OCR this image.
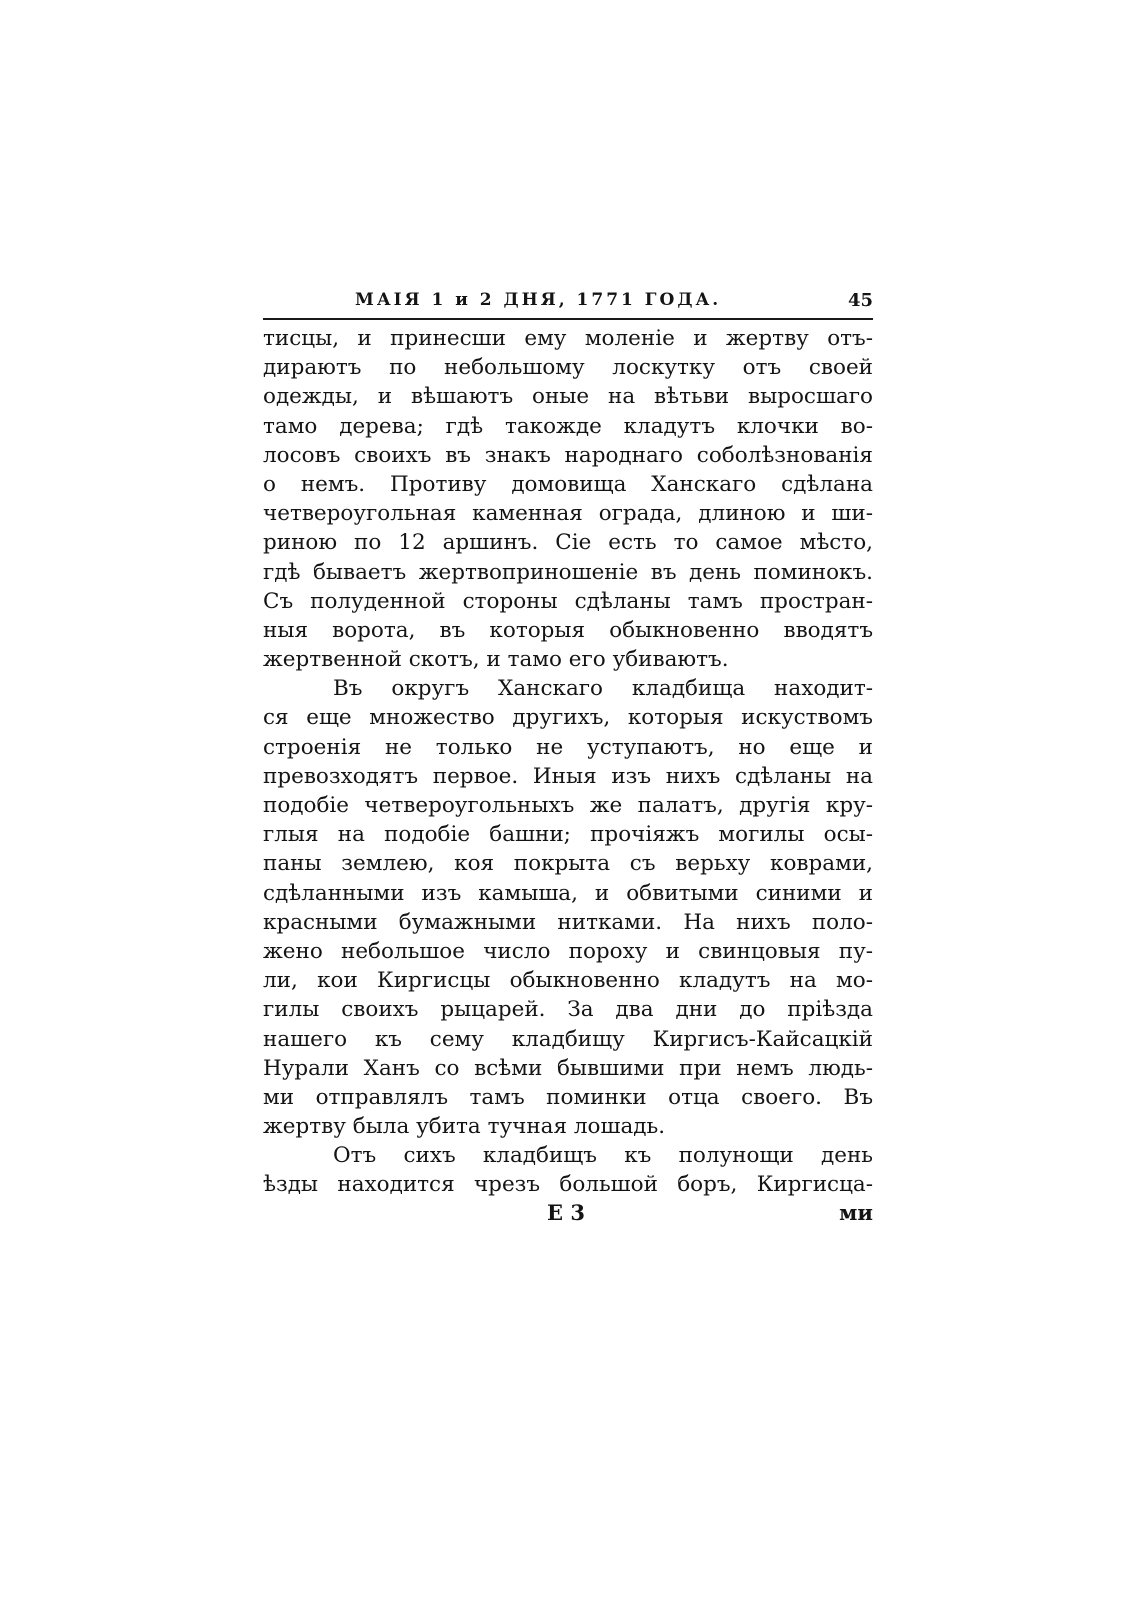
МАІЯ 1 и 2 ДНЯ, 1771 ГОДА.	45
тисцы, и принесши ему моленіе и жертву отъ-
дираютъ по небольшому лоскутку отъ своей
одежды, и вѣшаютъ оные на вѣтьви выросшаго
тамо дерева; гдѣ такожде кладутъ клочки во-
лосовъ своихъ въ знакъ народнаго соболѣзнованія
о немъ. Противу домовища Ханскаго сдѣлана
четвероугольная каменная ограда, длиною и ши-
риною по 12 аршинъ. Сіе есть то самое мѣсто,
гдѣ бываетъ жертвоприношеніе въ день поминокъ.
Съ полуденной стороны сдѣланы тамъ простран-
ныя ворота, въ которыя обыкновенно вводятъ
жертвенной скотъ, и тамо его убиваютъ.
Въ округъ Ханскаго кладбища находит-
ся еще множество другихъ, которыя искуствомъ
строенія не только не уступаютъ, но еще и
превозходятъ первое. Иныя изъ нихъ сдѣланы на
подобіе четвероугольныхъ же палатъ, другія кру-
глыя на подобіе башни; прочіяжъ могилы осы-
паны землею, коя покрыта съ верьху коврами,
сдѣланными изъ камыша, и обвитыми синими и
красными бумажными нитками. На нихъ поло-
жено небольшое число пороху и свинцовыя пу-
ли, кои Киргисцы обыкновенно кладутъ на мо-
гилы своихъ рыцарей. За два дни до пріѣзда
нашего къ сему кладбищу Киргисъ-Кайсацкій
Нурали Ханъ со всѣми бывшими при немъ людь-
ми отправлялъ тамъ поминки отца своего. Въ
жертву была убита тучная лошадь.
Отъ сихъ кладбищъ къ полунощи день
ѣзды находится чрезъ большой боръ, Киргисца-
Е 3	ми
